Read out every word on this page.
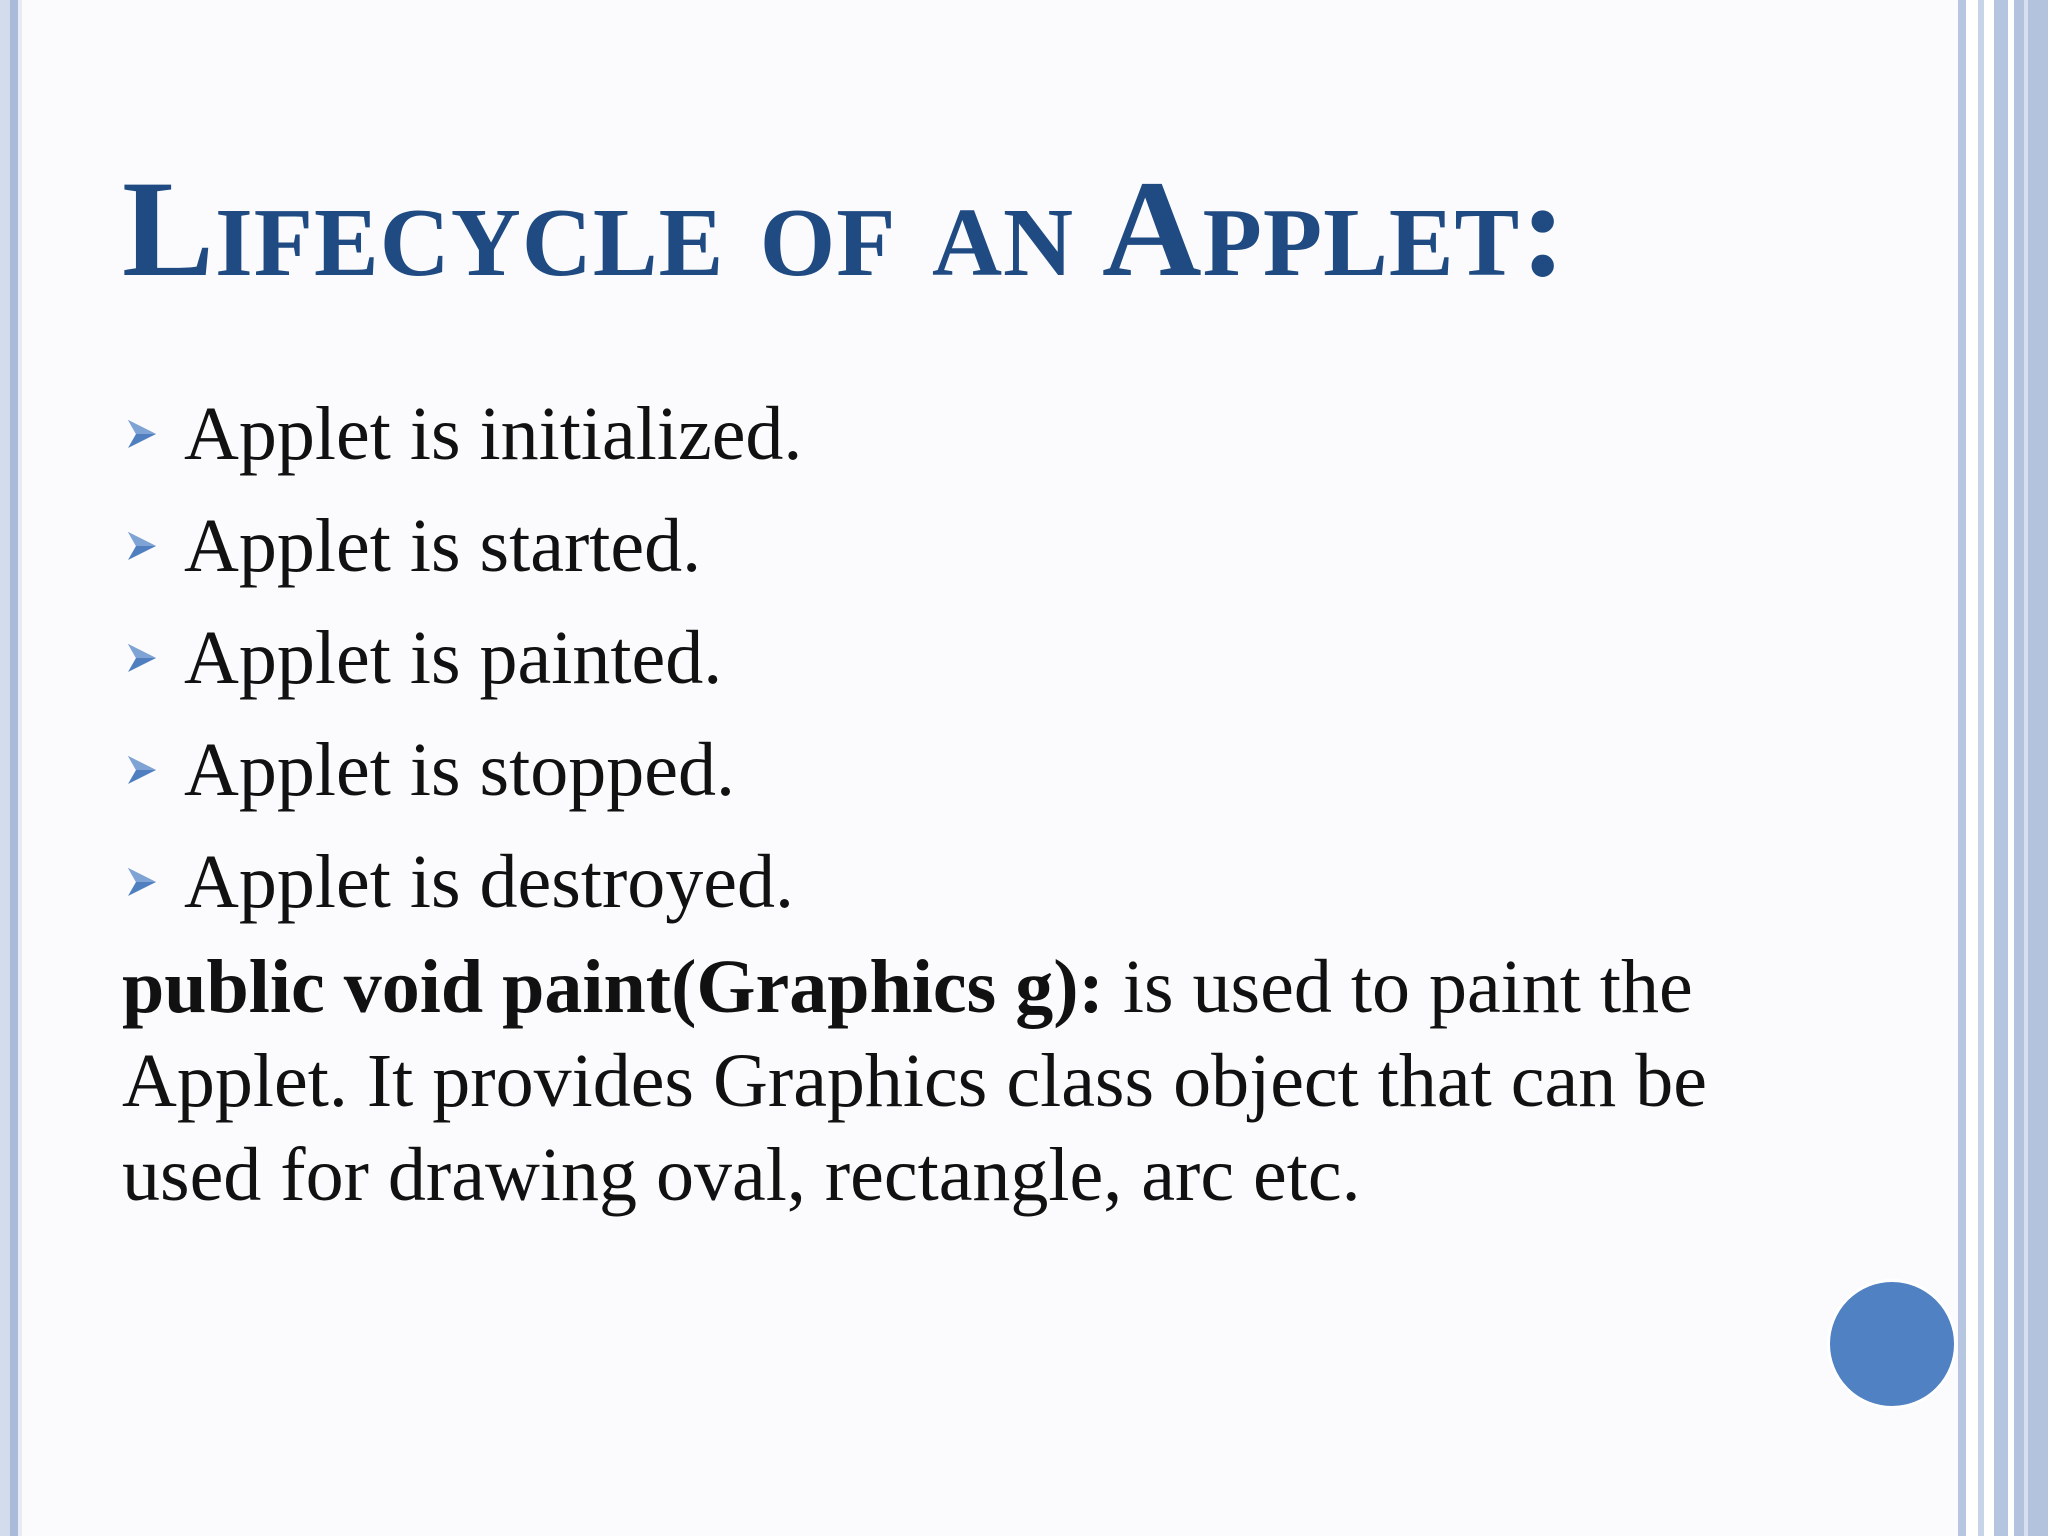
Lifecycle of an Applet:
Applet is initialized.
Applet is started.
Applet is painted.
Applet is stopped.
Applet is destroyed.

public void paint(Graphics g): is used to paint the Applet. It provides Graphics class object that can be used for drawing oval, rectangle, arc etc.
